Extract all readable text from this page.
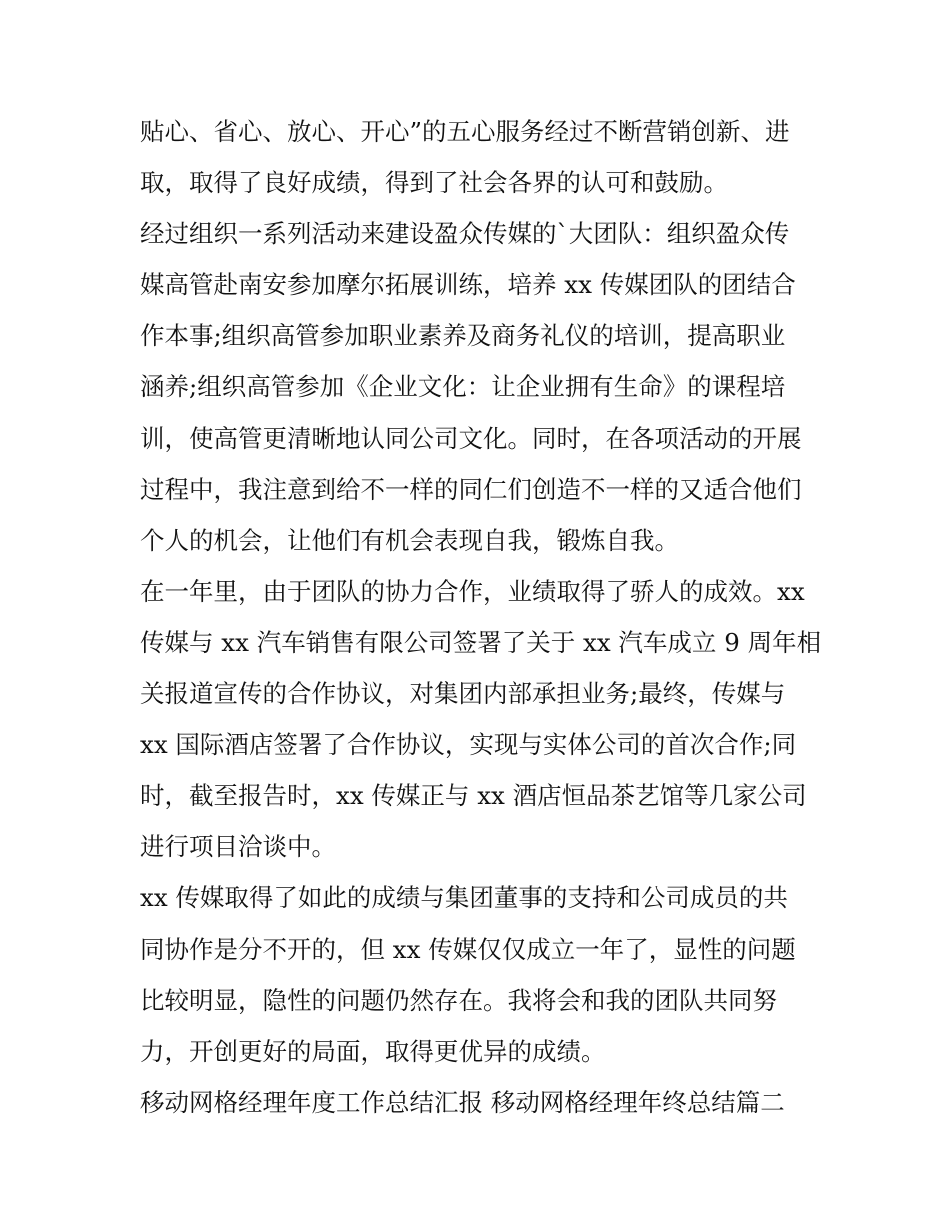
贴心、省心、放心、开心”的五心服务经过不断营销创新、进
取，取得了良好成绩，得到了社会各界的认可和鼓励。
经过组织一系列活动来建设盈众传媒的`大团队：组织盈众传
媒高管赴南安参加摩尔拓展训练，培养 xx 传媒团队的团结合
作本事;组织高管参加职业素养及商务礼仪的培训，提高职业
涵养;组织高管参加《企业文化：让企业拥有生命》的课程培
训，使高管更清晰地认同公司文化。同时，在各项活动的开展
过程中，我注意到给不一样的同仁们创造不一样的又适合他们
个人的机会，让他们有机会表现自我，锻炼自我。
在一年里，由于团队的协力合作，业绩取得了骄人的成效。xx
传媒与 xx 汽车销售有限公司签署了关于 xx 汽车成立 9 周年相
关报道宣传的合作协议，对集团内部承担业务;最终，传媒与
xx 国际酒店签署了合作协议，实现与实体公司的首次合作;同
时，截至报告时，xx 传媒正与 xx 酒店恒品茶艺馆等几家公司
进行项目洽谈中。
xx 传媒取得了如此的成绩与集团董事的支持和公司成员的共
同协作是分不开的，但 xx 传媒仅仅成立一年了，显性的问题
比较明显，隐性的问题仍然存在。我将会和我的团队共同努
力，开创更好的局面，取得更优异的成绩。
移动网格经理年度工作总结汇报 移动网格经理年终总结篇二
